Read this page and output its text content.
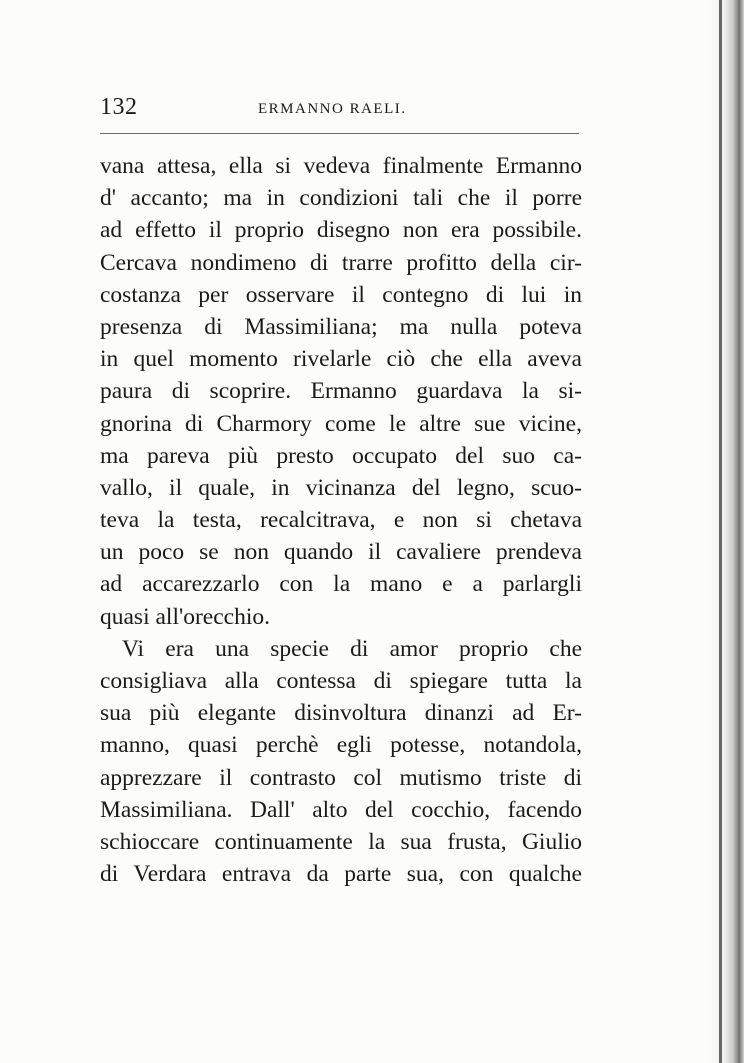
132	ERMANNO RAELI.
vana attesa, ella si vedeva finalmente Ermanno
d' accanto; ma in condizioni tali che il porre
ad effetto il proprio disegno non era possibile.
Cercava nondimeno di trarre profitto della cir-
costanza per osservare il contegno di lui in
presenza di Massimiliana; ma nulla poteva
in quel momento rivelarle ciò che ella aveva
paura di scoprire. Ermanno guardava la si-
gnorina di Charmory come le altre sue vicine,
ma pareva più presto occupato del suo ca-
vallo, il quale, in vicinanza del legno, scuo-
teva la testa, recalcitrava, e non si chetava
un poco se non quando il cavaliere prendeva
ad accarezzarlo con la mano e a parlargli
quasi all'orecchio.
Vi era una specie di amor proprio che
consigliava alla contessa di spiegare tutta la
sua più elegante disinvoltura dinanzi ad Er-
manno, quasi perchè egli potesse, notandola,
apprezzare il contrasto col mutismo triste di
Massimiliana. Dall' alto del cocchio, facendo
schioccare continuamente la sua frusta, Giulio
di Verdara entrava da parte sua, con qualche
